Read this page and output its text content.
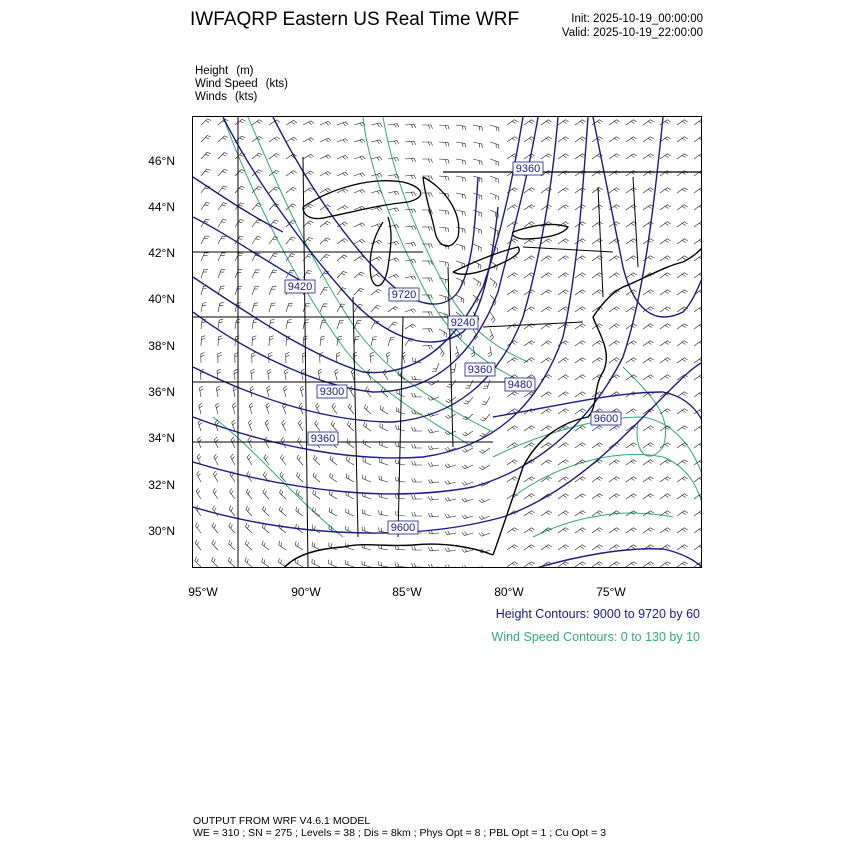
IWFAQRP Eastern US Real Time WRF	Init: 2025-10-19_00:00:00
Valid: 2025-10-19_22:00:00
Height (m)
Wind Speed (kts)
Winds (kts)
9360
9420
9720
9240
9360
9480
9600
9300
9360
9600
46°N
44°N
42°N
40°N
38°N
36°N
34°N
32°N
30°N
95°W	90°W	85°W	80°W	75°W
Height Contours: 9000 to 9720 by 60
Wind Speed Contours: 0 to 130 by 10
OUTPUT FROM WRF V4.6.1 MODEL
WE = 310 ; SN = 275 ; Levels = 38 ; Dis = 8km ; Phys Opt = 8 ; PBL Opt = 1 ; Cu Opt = 3
